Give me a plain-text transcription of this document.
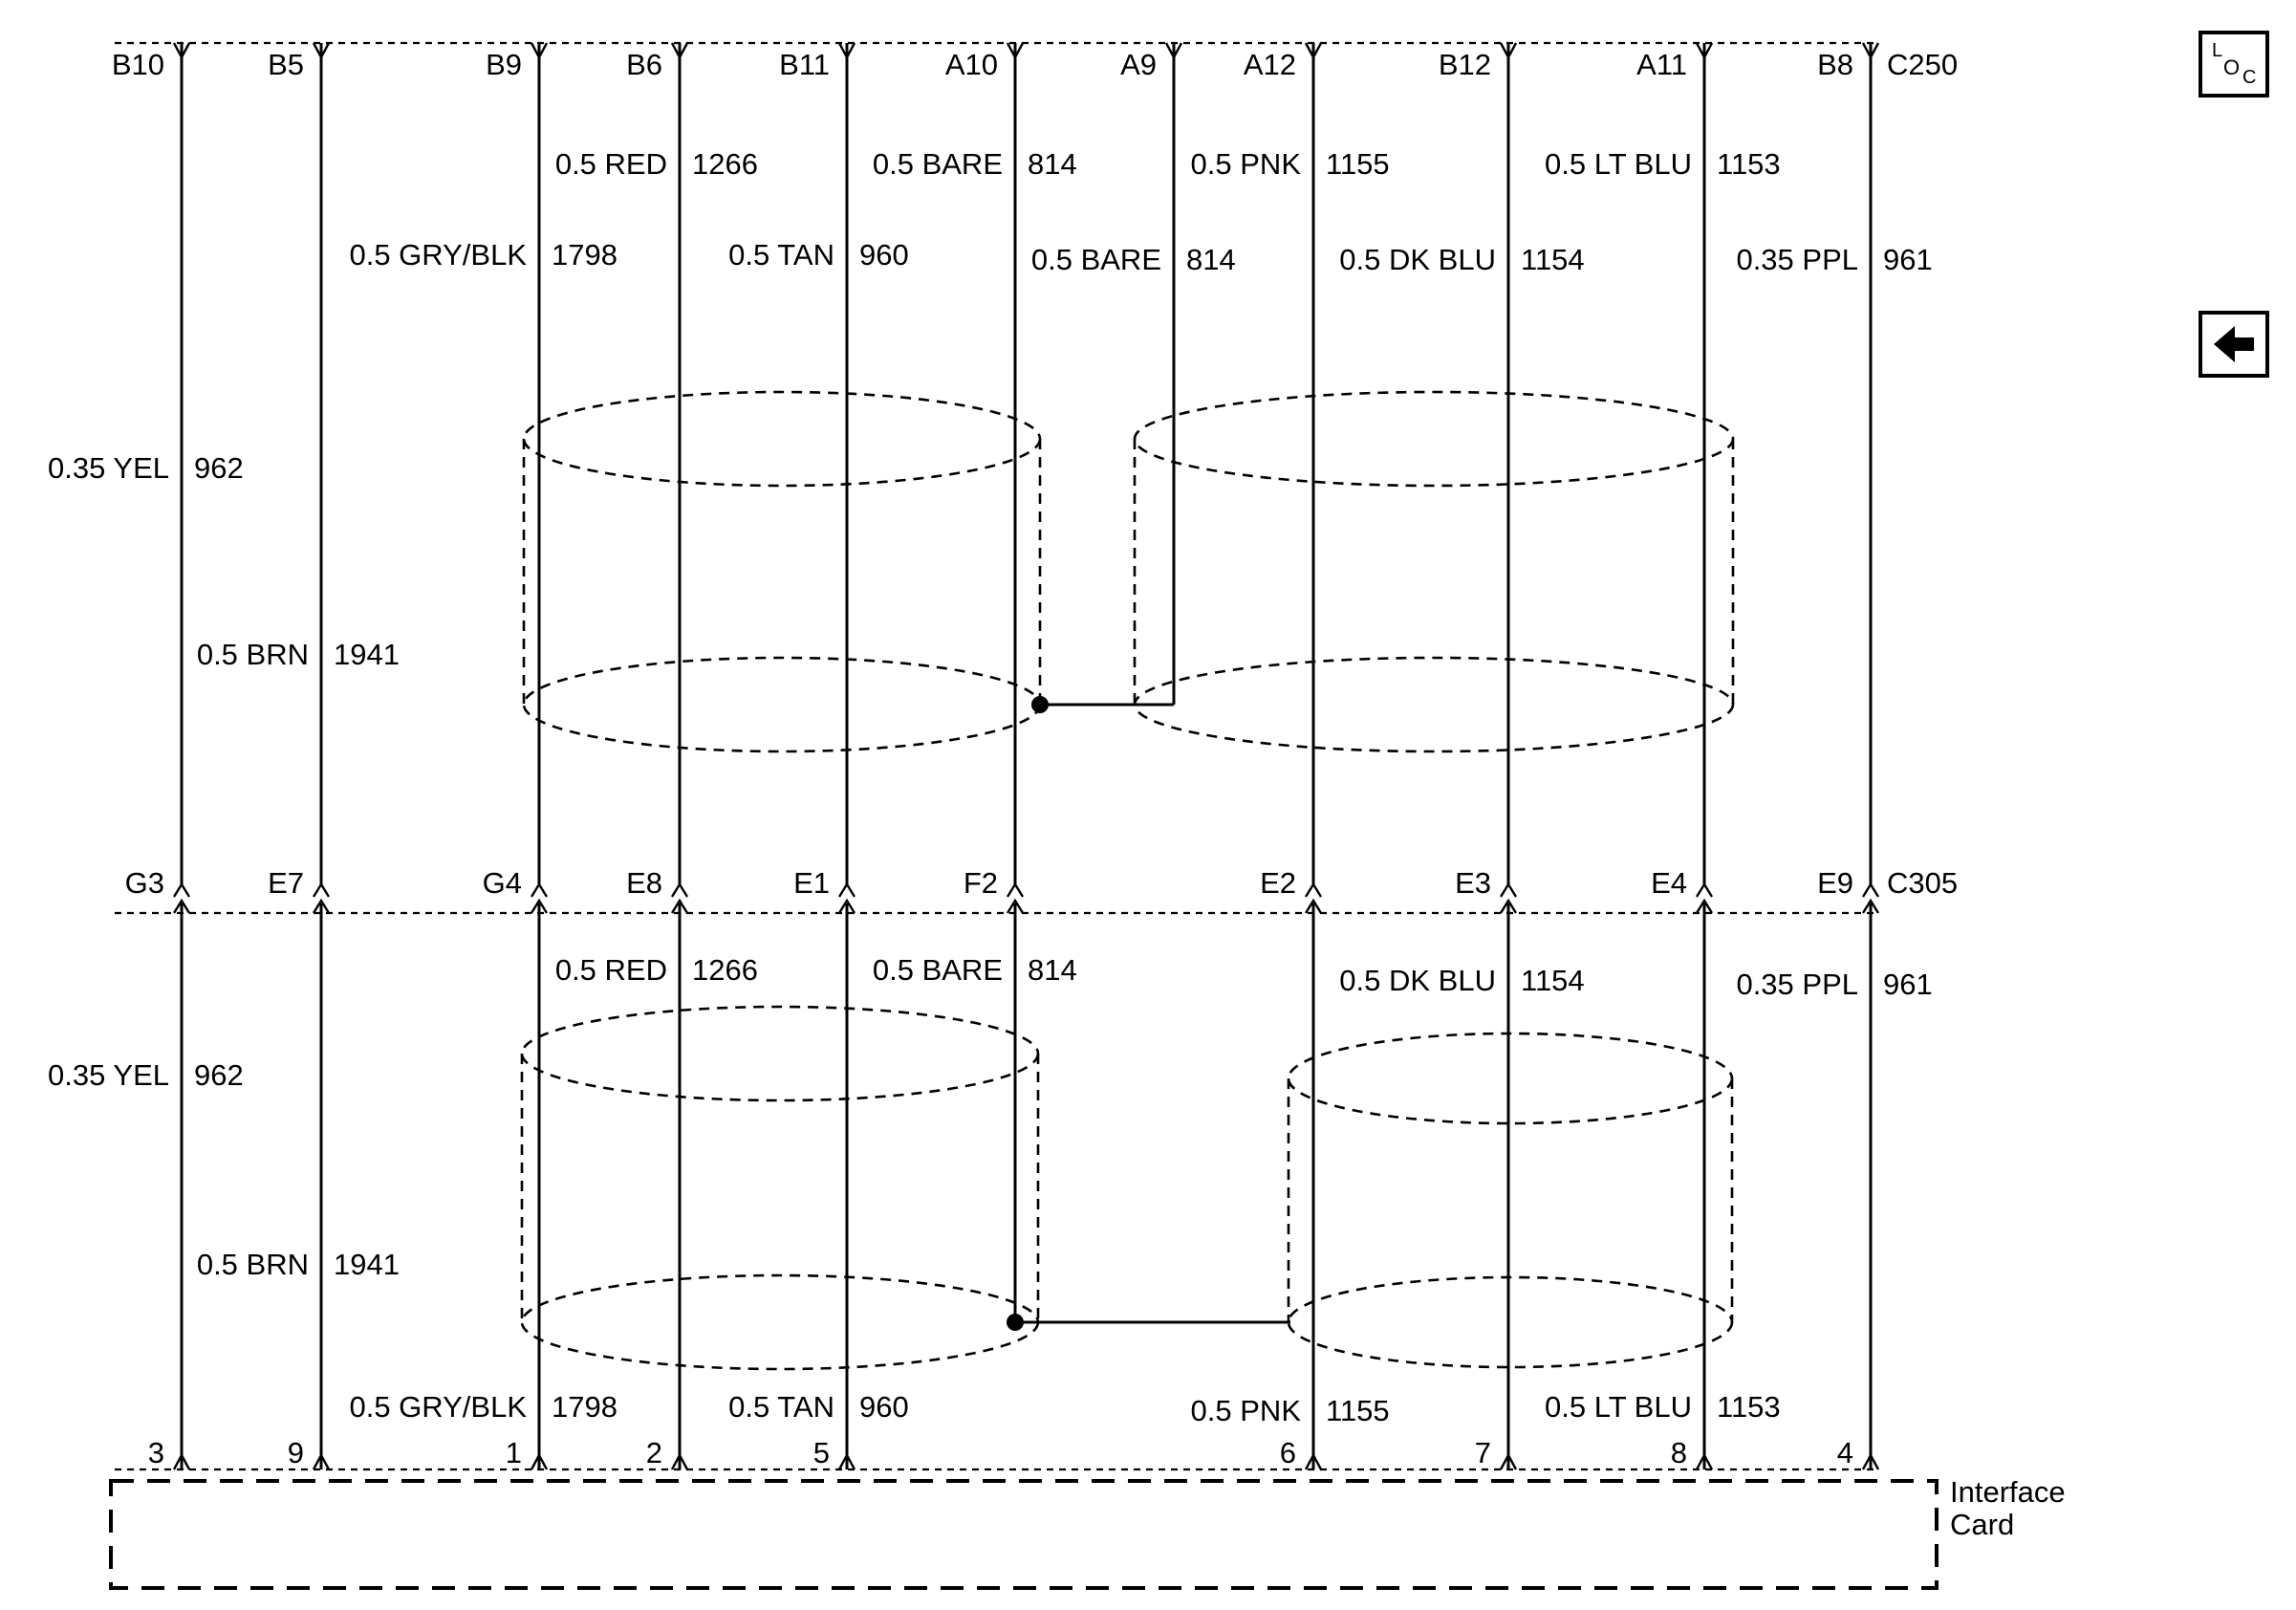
B10	B5	B9	B6	B11	A10	A9	A12	B12	A11	B8 C250
G3	E7	G4	E8	E1	F2	E2	E3	E4	E9 C305
3	9	1	2	5	6	7	8	4
0.5 RED 1266	0.5 BARE 814	0.5 PNK 1155	0.5 LT BLU 1153
0.5 GRY/BLK 1798	0.5 TAN 960	0.5 BARE 814	0.5 DK BLU 1154	0.35 PPL 961
0.35 YEL 962
0.5 BRN 1941
0.5 RED 1266	0.5 BARE 814	0.5 DK BLU 1154	0.35 PPL 961
0.35 YEL 962
0.5 BRN 1941
0.5 GRY/BLK 1798	0.5 TAN 960	0.5 PNK 1155	0.5 LT BLU 1153
Interface
Card
L
O C
